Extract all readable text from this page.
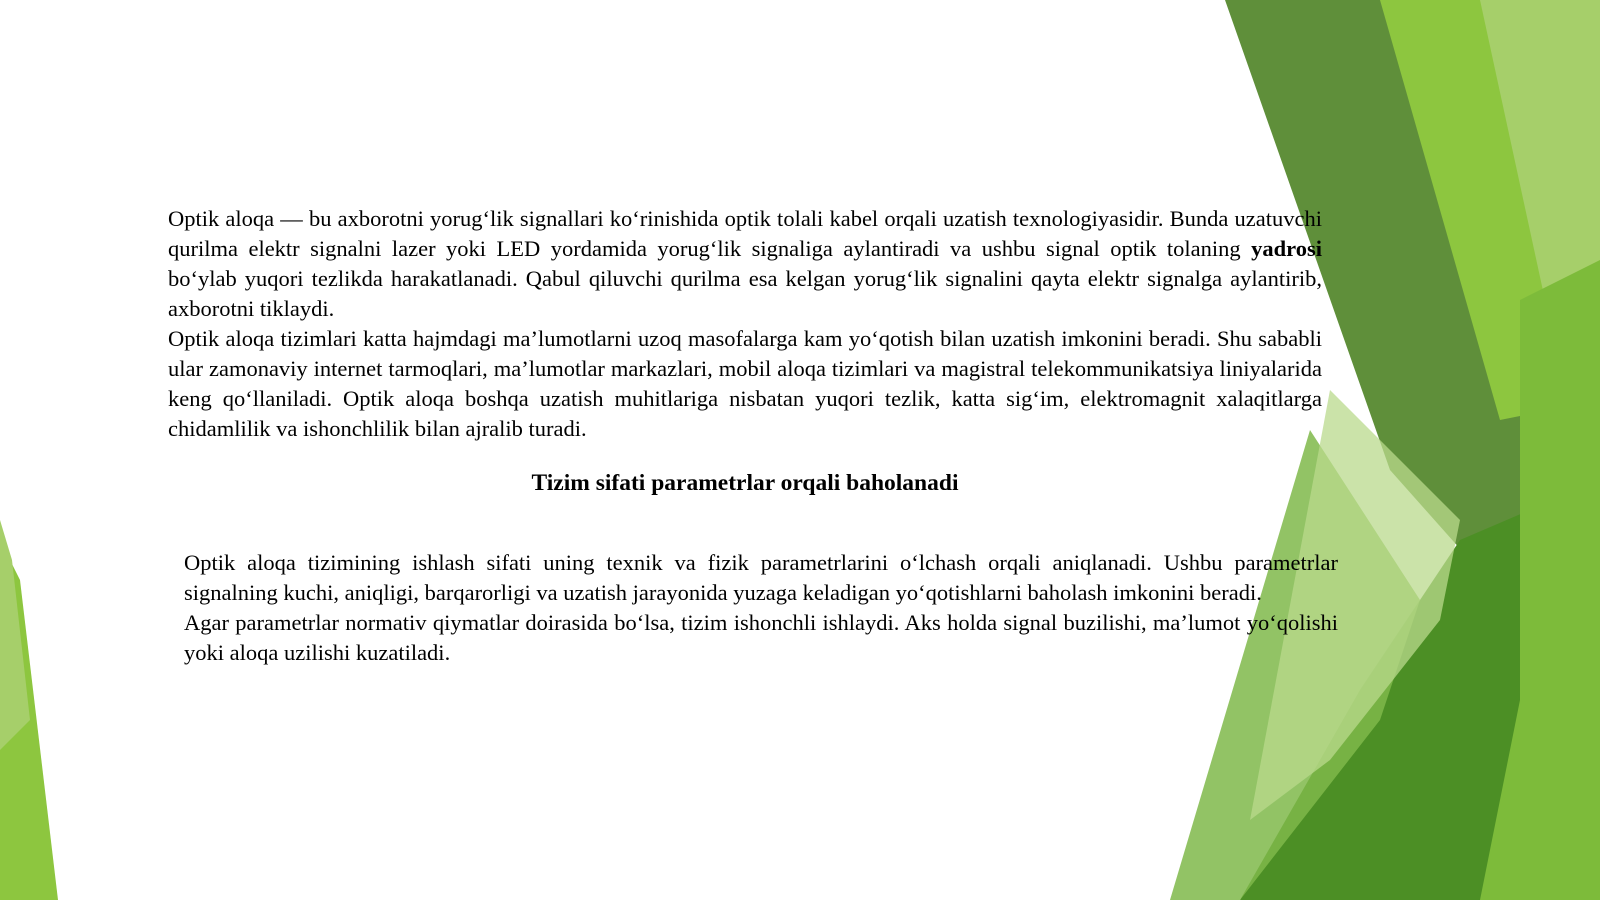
Optik aloqa — bu axborotni yorug‘lik signallari ko‘rinishida optik tolali kabel orqali uzatish texnologiyasidir. Bunda uzatuvchi qurilma elektr signalni lazer yoki LED yordamida yorug‘lik signaliga aylantiradi va ushbu signal optik tolaning yadrosi bo‘ylab yuqori tezlikda harakatlanadi. Qabul qiluvchi qurilma esa kelgan yorug‘lik signalini qayta elektr signalga aylantirib, axborotni tiklaydi.

Optik aloqa tizimlari katta hajmdagi ma’lumotlarni uzoq masofalarga kam yo‘qotish bilan uzatish imkonini beradi. Shu sababli ular zamonaviy internet tarmoqlari, ma’lumotlar markazlari, mobil aloqa tizimlari va magistral telekommunikatsiya liniyalarida keng qo‘llaniladi. Optik aloqa boshqa uzatish muhitlariga nisbatan yuqori tezlik, katta sig‘im, elektromagnit xalaqitlarga chidamlilik va ishonchlilik bilan ajralib turadi.

Tizim sifati parametrlar orqali baholanadi

Optik aloqa tizimining ishlash sifati uning texnik va fizik parametrlarini o‘lchash orqali aniqlanadi. Ushbu parametrlar signalning kuchi, aniqligi, barqarorligi va uzatish jarayonida yuzaga keladigan yo‘qotishlarni baholash imkonini beradi.

Agar parametrlar normativ qiymatlar doirasida bo‘lsa, tizim ishonchli ishlaydi. Aks holda signal buzilishi, ma’lumot yo‘qolishi yoki aloqa uzilishi kuzatiladi.
